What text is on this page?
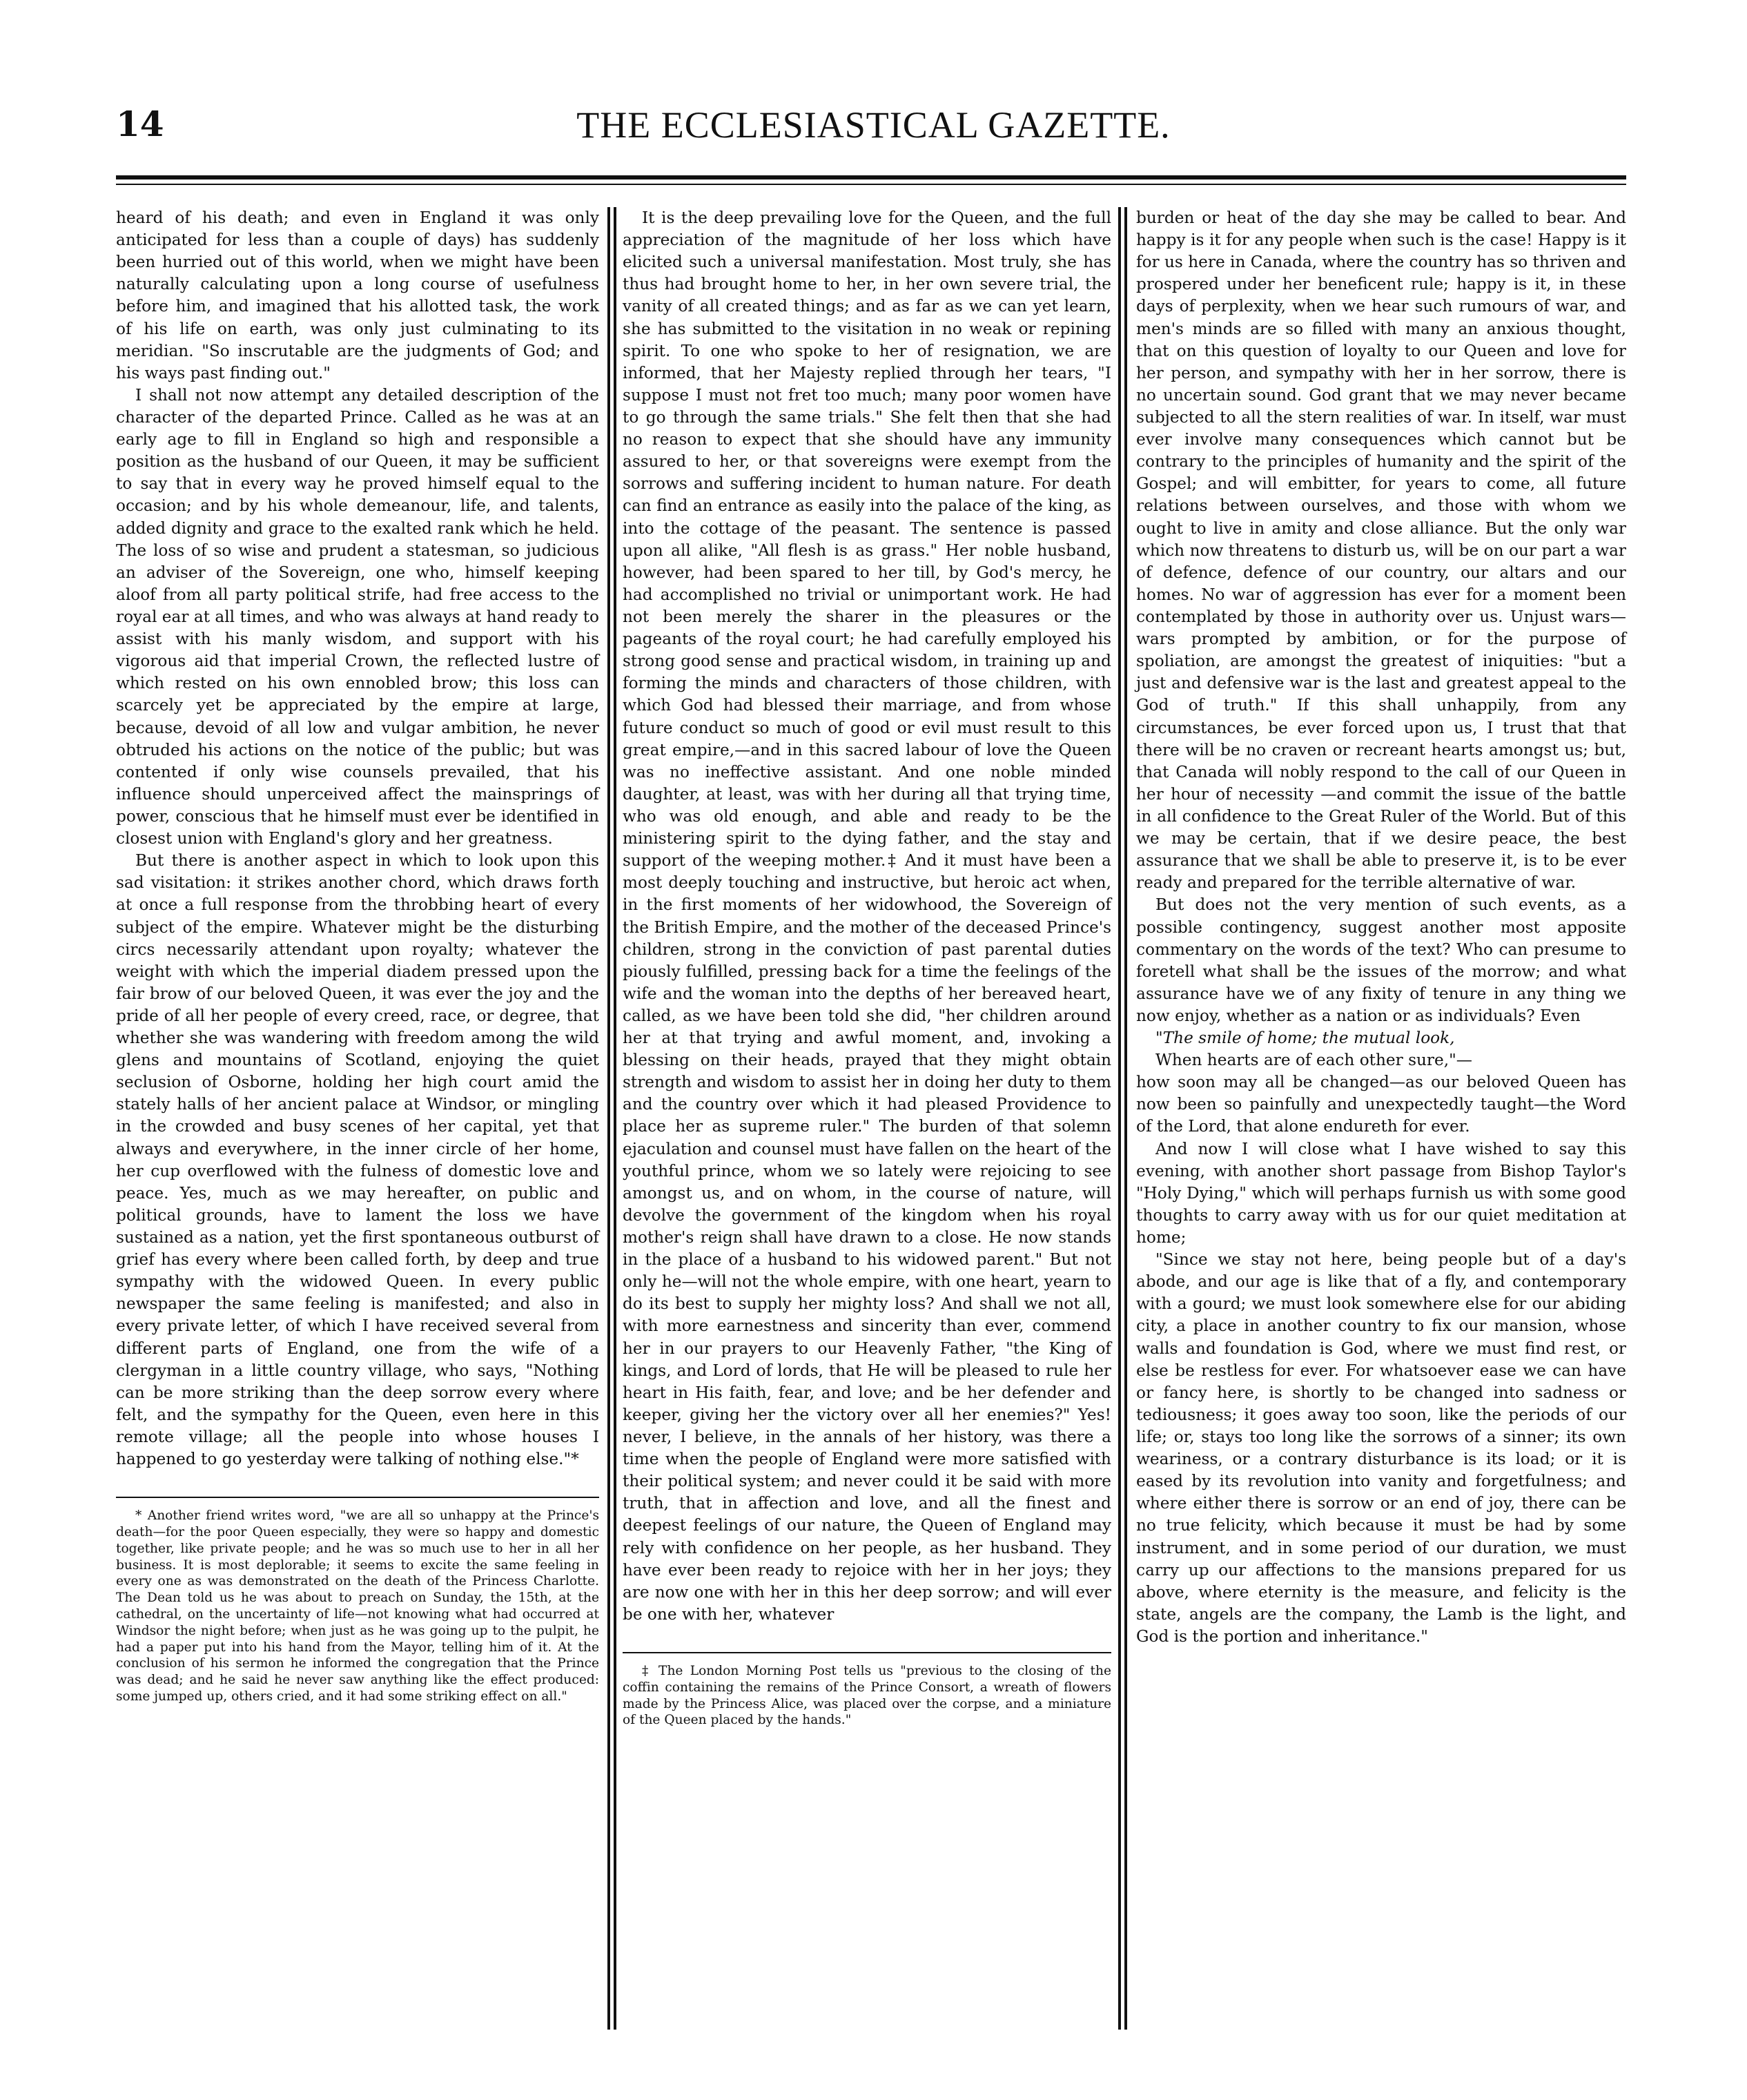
14	THE ECCLESIASTICAL GAZETTE.

heard of his death; and even in England it was only anticipated for less than a couple of days) has suddenly been hurried out of this world, when we might have been naturally calculating upon a long course of usefulness before him, and imagined that his allotted task, the work of his life on earth, was only just culminating to its meridian. "So inscrutable are the judgments of God; and his ways past finding out."

I shall not now attempt any detailed description of the character of the departed Prince. Called as he was at an early age to fill in England so high and responsible a position as the husband of our Queen, it may be sufficient to say that in every way he proved himself equal to the occasion; and by his whole demeanour, life, and talents, added dignity and grace to the exalted rank which he held. The loss of so wise and prudent a statesman, so judicious an adviser of the Sovereign, one who, himself keeping aloof from all party political strife, had free access to the royal ear at all times, and who was always at hand ready to assist with his manly wisdom, and support with his vigorous aid that imperial Crown, the reflected lustre of which rested on his own ennobled brow; this loss can scarcely yet be appreciated by the empire at large, because, devoid of all low and vulgar ambition, he never obtruded his actions on the notice of the public; but was contented if only wise counsels prevailed, that his influence should unperceived affect the mainsprings of power, conscious that he himself must ever be identified in closest union with England's glory and her greatness.

But there is another aspect in which to look upon this sad visitation: it strikes another chord, which draws forth at once a full response from the throbbing heart of every subject of the empire. Whatever might be the disturbing circs necessarily attendant upon royalty; whatever the weight with which the imperial diadem pressed upon the fair brow of our beloved Queen, it was ever the joy and the pride of all her people of every creed, race, or degree, that whether she was wandering with freedom among the wild glens and mountains of Scotland, enjoying the quiet seclusion of Osborne, holding her high court amid the stately halls of her ancient palace at Windsor, or mingling in the crowded and busy scenes of her capital, yet that always and everywhere, in the inner circle of her home, her cup overflowed with the fulness of domestic love and peace. Yes, much as we may hereafter, on public and political grounds, have to lament the loss we have sustained as a nation, yet the first spontaneous outburst of grief has every where been called forth, by deep and true sympathy with the widowed Queen. In every public newspaper the same feeling is manifested; and also in every private letter, of which I have received several from different parts of England, one from the wife of a clergyman in a little country village, who says, "Nothing can be more striking than the deep sorrow every where felt, and the sympathy for the Queen, even here in this remote village; all the people into whose houses I happened to go yesterday were talking of nothing else."*

* Another friend writes word, "we are all so unhappy at the Prince's death—for the poor Queen especially, they were so happy and domestic together, like private people; and he was so much use to her in all her business. It is most deplorable; it seems to excite the same feeling in every one as was demonstrated on the death of the Princess Charlotte. The Dean told us he was about to preach on Sunday, the 15th, at the cathedral, on the uncertainty of life—not knowing what had occurred at Windsor the night before; when just as he was going up to the pulpit, he had a paper put into his hand from the Mayor, telling him of it. At the conclusion of his sermon he informed the congregation that the Prince was dead; and he said he never saw anything like the effect produced: some jumped up, others cried, and it had some striking effect on all."

It is the deep prevailing love for the Queen, and the full appreciation of the magnitude of her loss which have elicited such a universal manifestation. Most truly, she has thus had brought home to her, in her own severe trial, the vanity of all created things; and as far as we can yet learn, she has submitted to the visitation in no weak or repining spirit. To one who spoke to her of resignation, we are informed, that her Majesty replied through her tears, "I suppose I must not fret too much; many poor women have to go through the same trials." She felt then that she had no reason to expect that she should have any immunity assured to her, or that sovereigns were exempt from the sorrows and suffering incident to human nature. For death can find an entrance as easily into the palace of the king, as into the cottage of the peasant. The sentence is passed upon all alike, "All flesh is as grass." Her noble husband, however, had been spared to her till, by God's mercy, he had accomplished no trivial or unimportant work. He had not been merely the sharer in the pleasures or the pageants of the royal court; he had carefully employed his strong good sense and practical wisdom, in training up and forming the minds and characters of those children, with which God had blessed their marriage, and from whose future conduct so much of good or evil must result to this great empire,—and in this sacred labour of love the Queen was no ineffective assistant. And one noble minded daughter, at least, was with her during all that trying time, who was old enough, and able and ready to be the ministering spirit to the dying father, and the stay and support of the weeping mother.‡ And it must have been a most deeply touching and instructive, but heroic act when, in the first moments of her widowhood, the Sovereign of the British Empire, and the mother of the deceased Prince's children, strong in the conviction of past parental duties piously fulfilled, pressing back for a time the feelings of the wife and the woman into the depths of her bereaved heart, called, as we have been told she did, "her children around her at that trying and awful moment, and, invoking a blessing on their heads, prayed that they might obtain strength and wisdom to assist her in doing her duty to them and the country over which it had pleased Providence to place her as supreme ruler." The burden of that solemn ejaculation and counsel must have fallen on the heart of the youthful prince, whom we so lately were rejoicing to see amongst us, and on whom, in the course of nature, will devolve the government of the kingdom when his royal mother's reign shall have drawn to a close. He now stands in the place of a husband to his widowed parent." But not only he—will not the whole empire, with one heart, yearn to do its best to supply her mighty loss? And shall we not all, with more earnestness and sincerity than ever, commend her in our prayers to our Heavenly Father, "the King of kings, and Lord of lords, that He will be pleased to rule her heart in His faith, fear, and love; and be her defender and keeper, giving her the victory over all her enemies?" Yes! never, I believe, in the annals of her history, was there a time when the people of England were more satisfied with their political system; and never could it be said with more truth, that in affection and love, and all the finest and deepest feelings of our nature, the Queen of England may rely with confidence on her people, as her husband. They have ever been ready to rejoice with her in her joys; they are now one with her in this her deep sorrow; and will ever be one with her, whatever

‡ The London Morning Post tells us "previous to the closing of the coffin containing the remains of the Prince Consort, a wreath of flowers made by the Princess Alice, was placed over the corpse, and a miniature of the Queen placed by the hands."

burden or heat of the day she may be called to bear. And happy is it for any people when such is the case! Happy is it for us here in Canada, where the country has so thriven and prospered under her beneficent rule; happy is it, in these days of perplexity, when we hear such rumours of war, and men's minds are so filled with many an anxious thought, that on this question of loyalty to our Queen and love for her person, and sympathy with her in her sorrow, there is no uncertain sound. God grant that we may never became subjected to all the stern realities of war. In itself, war must ever involve many consequences which cannot but be contrary to the principles of humanity and the spirit of the Gospel; and will embitter, for years to come, all future relations between ourselves, and those with whom we ought to live in amity and close alliance. But the only war which now threatens to disturb us, will be on our part a war of defence, defence of our country, our altars and our homes. No war of aggression has ever for a moment been contemplated by those in authority over us. Unjust wars—wars prompted by ambition, or for the purpose of spoliation, are amongst the greatest of iniquities: "but a just and defensive war is the last and greatest appeal to the God of truth." If this shall unhappily, from any circumstances, be ever forced upon us, I trust that that there will be no craven or recreant hearts amongst us; but, that Canada will nobly respond to the call of our Queen in her hour of necessity —and commit the issue of the battle in all confidence to the Great Ruler of the World. But of this we may be certain, that if we desire peace, the best assurance that we shall be able to preserve it, is to be ever ready and prepared for the terrible alternative of war.

But does not the very mention of such events, as a possible contingency, suggest another most apposite commentary on the words of the text? Who can presume to foretell what shall be the issues of the morrow; and what assurance have we of any fixity of tenure in any thing we now enjoy, whether as a nation or as individuals? Even

"The smile of home; the mutual look,

When hearts are of each other sure,"—

how soon may all be changed—as our beloved Queen has now been so painfully and unexpectedly taught—the Word of the Lord, that alone endureth for ever.

And now I will close what I have wished to say this evening, with another short passage from Bishop Taylor's "Holy Dying," which will perhaps furnish us with some good thoughts to carry away with us for our quiet meditation at home;

"Since we stay not here, being people but of a day's abode, and our age is like that of a fly, and contemporary with a gourd; we must look somewhere else for our abiding city, a place in another country to fix our mansion, whose walls and foundation is God, where we must find rest, or else be restless for ever. For whatsoever ease we can have or fancy here, is shortly to be changed into sadness or tediousness; it goes away too soon, like the periods of our life; or, stays too long like the sorrows of a sinner; its own weariness, or a contrary disturbance is its load; or it is eased by its revolution into vanity and forgetfulness; and where either there is sorrow or an end of joy, there can be no true felicity, which because it must be had by some instrument, and in some period of our duration, we must carry up our affections to the mansions prepared for us above, where eternity is the measure, and felicity is the state, angels are the company, the Lamb is the light, and God is the portion and inheritance."
